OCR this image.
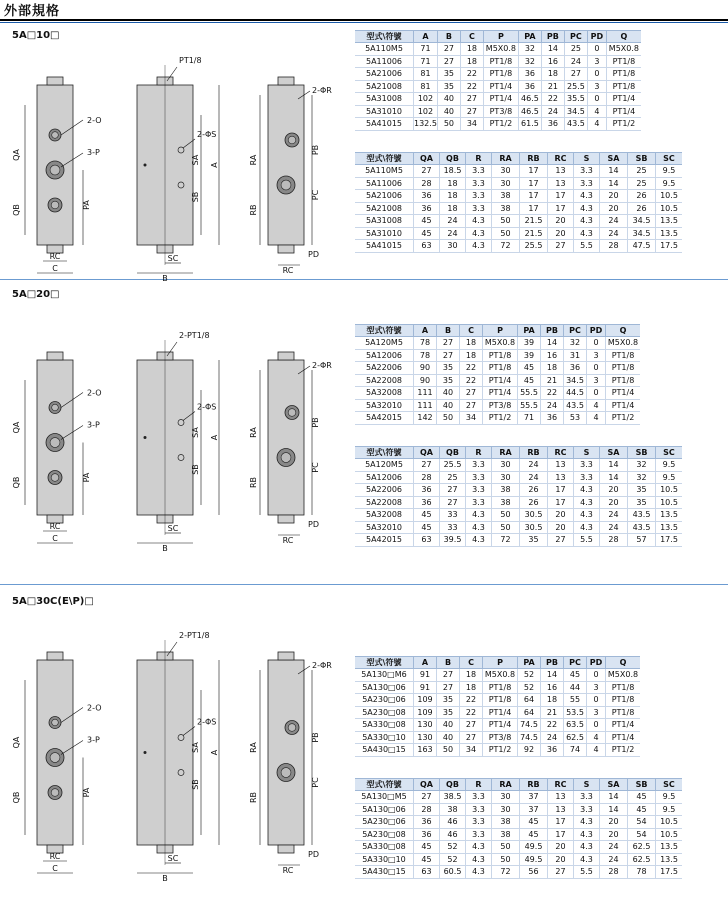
外部規格
5A□10□
5A□20□
5A□30C(E\P)□
2-O
3-P
QA
QB	PA
RC
C
PT1/8
2-ΦS
SA
SB
A
SC
B
2-ΦR
RA
RB
PB
PC
RC
PD
2-O
3-P
QA
QB	PA
RC
C
2-PT1/8
2-ΦS
SA
SB
A
SC
B
2-ΦR
RA
RB
PB
PC
RC
PD
2-O
3-P
QA
QB	PA
RC
C
2-PT1/8
2-ΦS
SA
SB
A
SC
B
2-ΦR
RA
RB
PB
PC
RC
PD
型式\符號	A	B	C	P	PA	PB	PC	PD	Q
5A110M5	71	27	18	M5X0.8	32	14	25	0	M5X0.8
5A11006	71	27	18	PT1/8	32	16	24	3	PT1/8
5A21006	81	35	22	PT1/8	36	18	27	0	PT1/8
5A21008	81	35	22	PT1/4	36	21	25.5	3	PT1/8
5A31008	102	40	27	PT1/4	46.5	22	35.5	0	PT1/4
5A31010	102	40	27	PT3/8	46.5	24	34.5	4	PT1/4
5A41015	132.5	50	34	PT1/2	61.5	36	43.5	4	PT1/2
型式\符號	QA	QB	R	RA	RB	RC	S	SA	SB	SC
5A110M5	27	18.5	3.3	30	17	13	3.3	14	25	9.5
5A11006	28	18	3.3	30	17	13	3.3	14	25	9.5
5A21006	36	18	3.3	38	17	17	4.3	20	26	10.5
5A21008	36	18	3.3	38	17	17	4.3	20	26	10.5
5A31008	45	24	4.3	50	21.5	20	4.3	24	34.5	13.5
5A31010	45	24	4.3	50	21.5	20	4.3	24	34.5	13.5
5A41015	63	30	4.3	72	25.5	27	5.5	28	47.5	17.5
型式\符號	A	B	C	P	PA	PB	PC	PD	Q
5A120M5	78	27	18	M5X0.8	39	14	32	0	M5X0.8
5A12006	78	27	18	PT1/8	39	16	31	3	PT1/8
5A22006	90	35	22	PT1/8	45	18	36	0	PT1/8
5A22008	90	35	22	PT1/4	45	21	34.5	3	PT1/8
5A32008	111	40	27	PT1/4	55.5	22	44.5	0	PT1/4
5A32010	111	40	27	PT3/8	55.5	24	43.5	4	PT1/4
5A42015	142	50	34	PT1/2	71	36	53	4	PT1/2
型式\符號	QA	QB	R	RA	RB	RC	S	SA	SB	SC
5A120M5	27	25.5	3.3	30	24	13	3.3	14	32	9.5
5A12006	28	25	3.3	30	24	13	3.3	14	32	9.5
5A22006	36	27	3.3	38	26	17	4.3	20	35	10.5
5A22008	36	27	3.3	38	26	17	4.3	20	35	10.5
5A32008	45	33	4.3	50	30.5	20	4.3	24	43.5	13.5
5A32010	45	33	4.3	50	30.5	20	4.3	24	43.5	13.5
5A42015	63	39.5	4.3	72	35	27	5.5	28	57	17.5
型式\符號	A	B	C	P	PA	PB	PC	PD	Q
5A130□M6	91	27	18	M5X0.8	52	14	45	0	M5X0.8
5A130□06	91	27	18	PT1/8	52	16	44	3	PT1/8
5A230□06	109	35	22	PT1/8	64	18	55	0	PT1/8
5A230□08	109	35	22	PT1/4	64	21	53.5	3	PT1/8
5A330□08	130	40	27	PT1/4	74.5	22	63.5	0	PT1/4
5A330□10	130	40	27	PT3/8	74.5	24	62.5	4	PT1/4
5A430□15	163	50	34	PT1/2	92	36	74	4	PT1/2
型式\符號	QA	QB	R	RA	RB	RC	S	SA	SB	SC
5A130□M5	27	38.5	3.3	30	37	13	3.3	14	45	9.5
5A130□06	28	38	3.3	30	37	13	3.3	14	45	9.5
5A230□06	36	46	3.3	38	45	17	4.3	20	54	10.5
5A230□08	36	46	3.3	38	45	17	4.3	20	54	10.5
5A330□08	45	52	4.3	50	49.5	20	4.3	24	62.5	13.5
5A330□10	45	52	4.3	50	49.5	20	4.3	24	62.5	13.5
5A430□15	63	60.5	4.3	72	56	27	5.5	28	78	17.5
